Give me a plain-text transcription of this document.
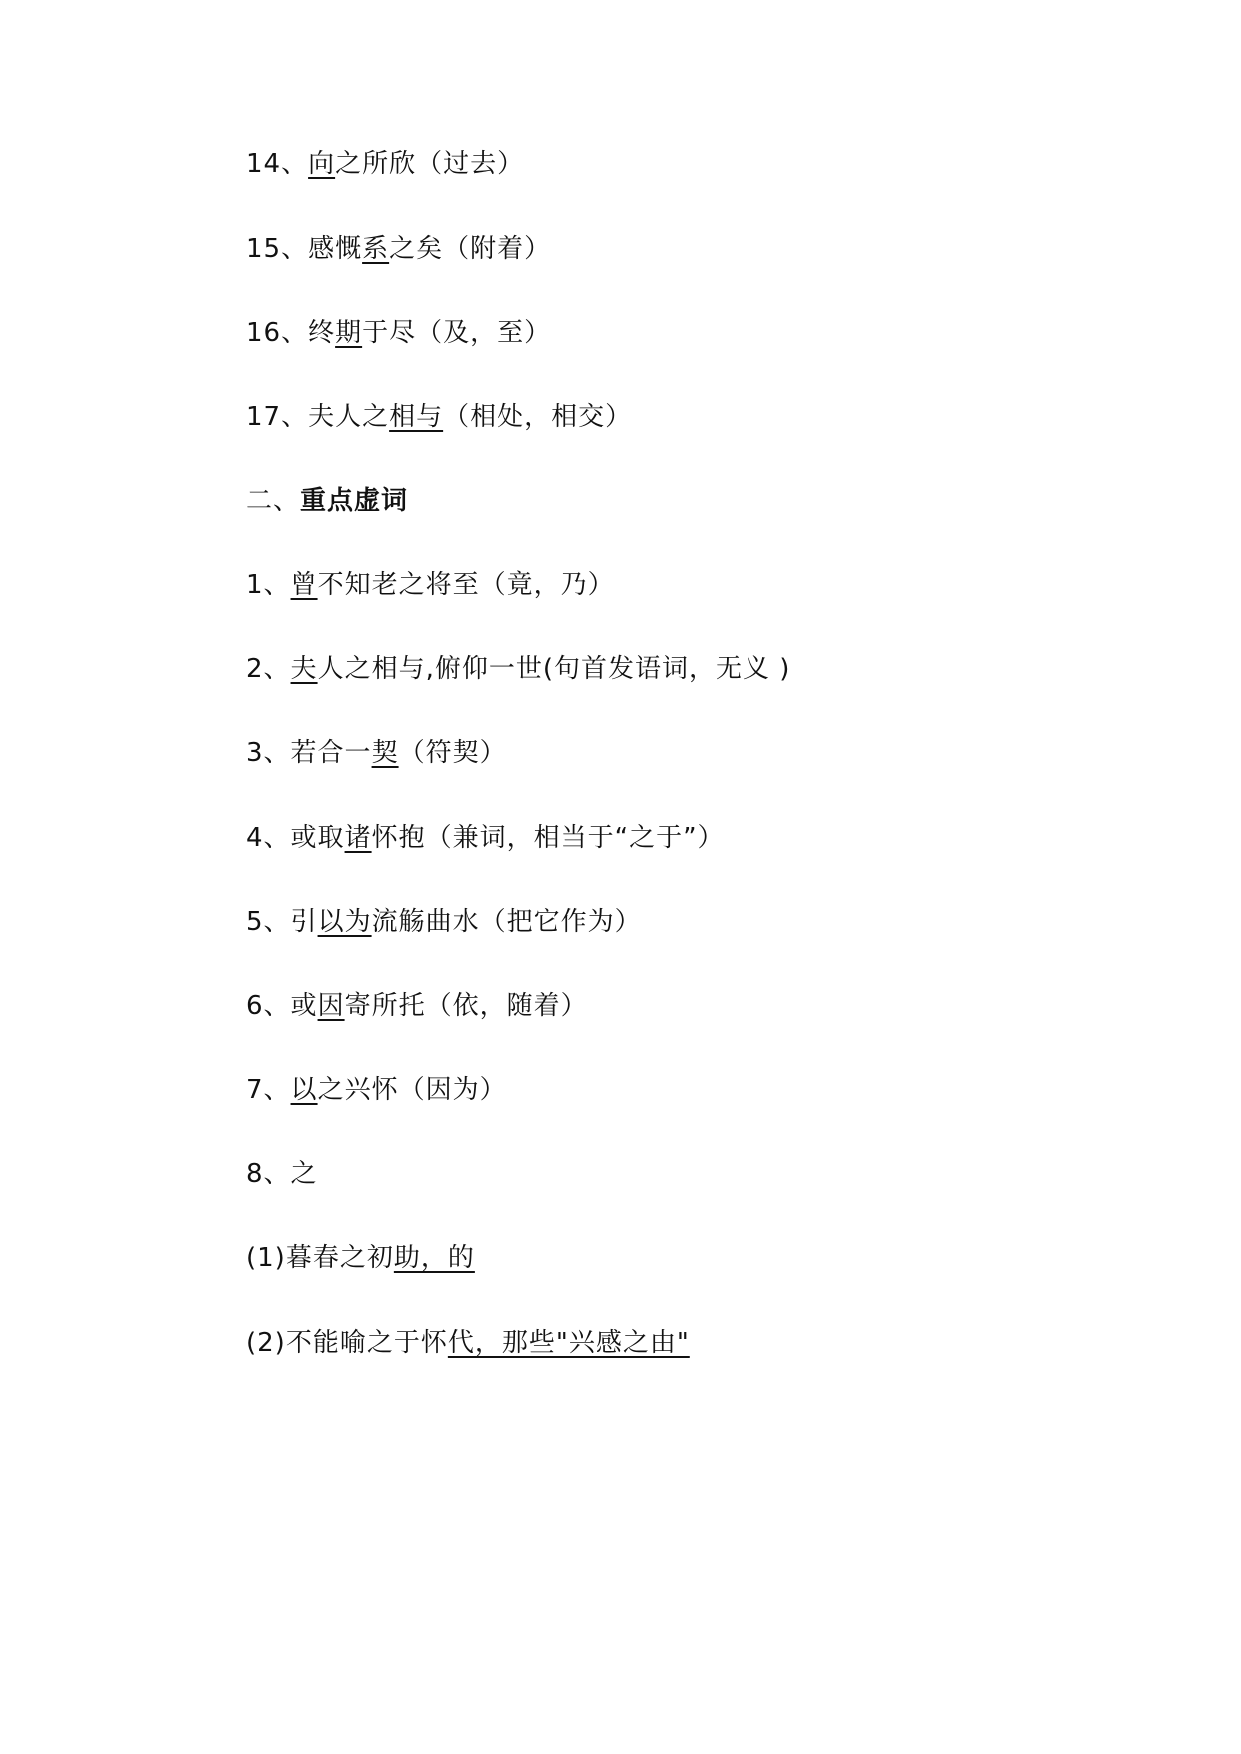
14、向之所欣（过去）
15、感慨系之矣（附着）
16、终期于尽（及，至）
17、夫人之相与（相处，相交）
二、重点虚词
1、曾不知老之将至（竟，乃）
2、夫人之相与,俯仰一世(句首发语词，无义 )
3、若合一契（符契）
4、或取诸怀抱（兼词，相当于“之于”）
5、引以为流觞曲水（把它作为）
6、或因寄所托（依，随着）
7、以之兴怀（因为）
8、之
(1)暮春之初助，的
(2)不能喻之于怀代，那些"兴感之由"
